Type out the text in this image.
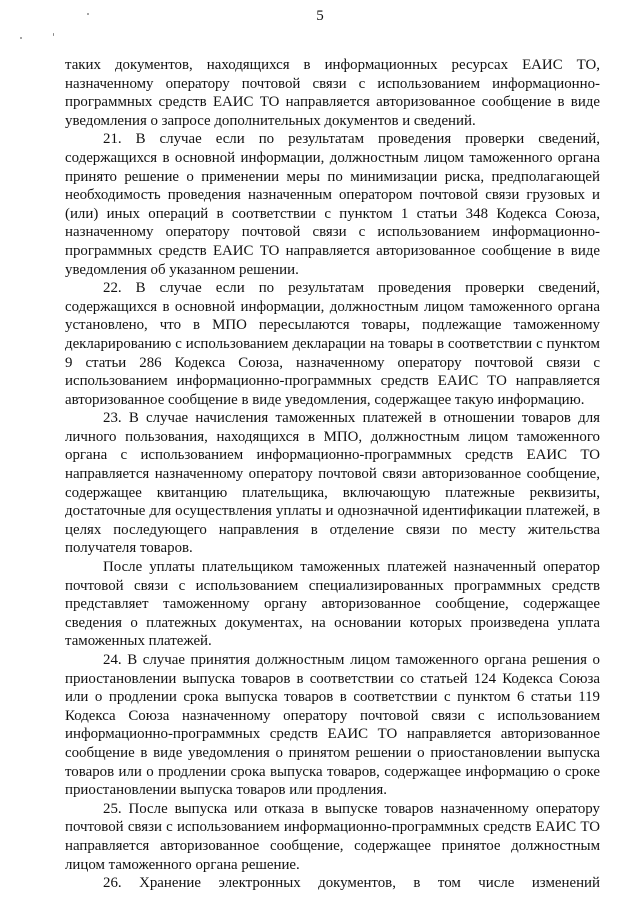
5

таких документов, находящихся в информационных ресурсах ЕАИС ТО, назначенному оператору почтовой связи с использованием информационно-программных средств ЕАИС ТО направляется авторизованное сообщение в виде уведомления о запросе дополнительных документов и сведений.

21. В случае если по результатам проведения проверки сведений, содержащихся в основной информации, должностным лицом таможенного органа принято решение о применении меры по минимизации риска, предполагающей необходимость проведения назначенным оператором почтовой связи грузовых и (или) иных операций в соответствии с пунктом 1 статьи 348 Кодекса Союза, назначенному оператору почтовой связи с использованием информационно-программных средств ЕАИС ТО направляется авторизованное сообщение в виде уведомления об указанном решении.

22. В случае если по результатам проведения проверки сведений, содержащихся в основной информации, должностным лицом таможенного органа установлено, что в МПО пересылаются товары, подлежащие таможенному декларированию с использованием декларации на товары в соответствии с пунктом 9 статьи 286 Кодекса Союза, назначенному оператору почтовой связи с использованием информационно-программных средств ЕАИС ТО направляется авторизованное сообщение в виде уведомления, содержащее такую информацию.

23. В случае начисления таможенных платежей в отношении товаров для личного пользования, находящихся в МПО, должностным лицом таможенного органа с использованием информационно-программных средств ЕАИС ТО направляется назначенному оператору почтовой связи авторизованное сообщение, содержащее квитанцию плательщика, включающую платежные реквизиты, достаточные для осуществления уплаты и однозначной идентификации платежей, в целях последующего направления в отделение связи по месту жительства получателя товаров.

После уплаты плательщиком таможенных платежей назначенный оператор почтовой связи с использованием специализированных программных средств представляет таможенному органу авторизованное сообщение, содержащее сведения о платежных документах, на основании которых произведена уплата таможенных платежей.

24. В случае принятия должностным лицом таможенного органа решения о приостановлении выпуска товаров в соответствии со статьей 124 Кодекса Союза или о продлении срока выпуска товаров в соответствии с пунктом 6 статьи 119 Кодекса Союза назначенному оператору почтовой связи с использованием информационно-программных средств ЕАИС ТО направляется авторизованное сообщение в виде уведомления о принятом решении о приостановлении выпуска товаров или о продлении срока выпуска товаров, содержащее информацию о сроке приостановлении выпуска товаров или продления.

25. После выпуска или отказа в выпуске товаров назначенному оператору почтовой связи с использованием информационно-программных средств ЕАИС ТО направляется авторизованное сообщение, содержащее принятое должностным лицом таможенного органа решение.

26. Хранение электронных документов, в том числе изменений
